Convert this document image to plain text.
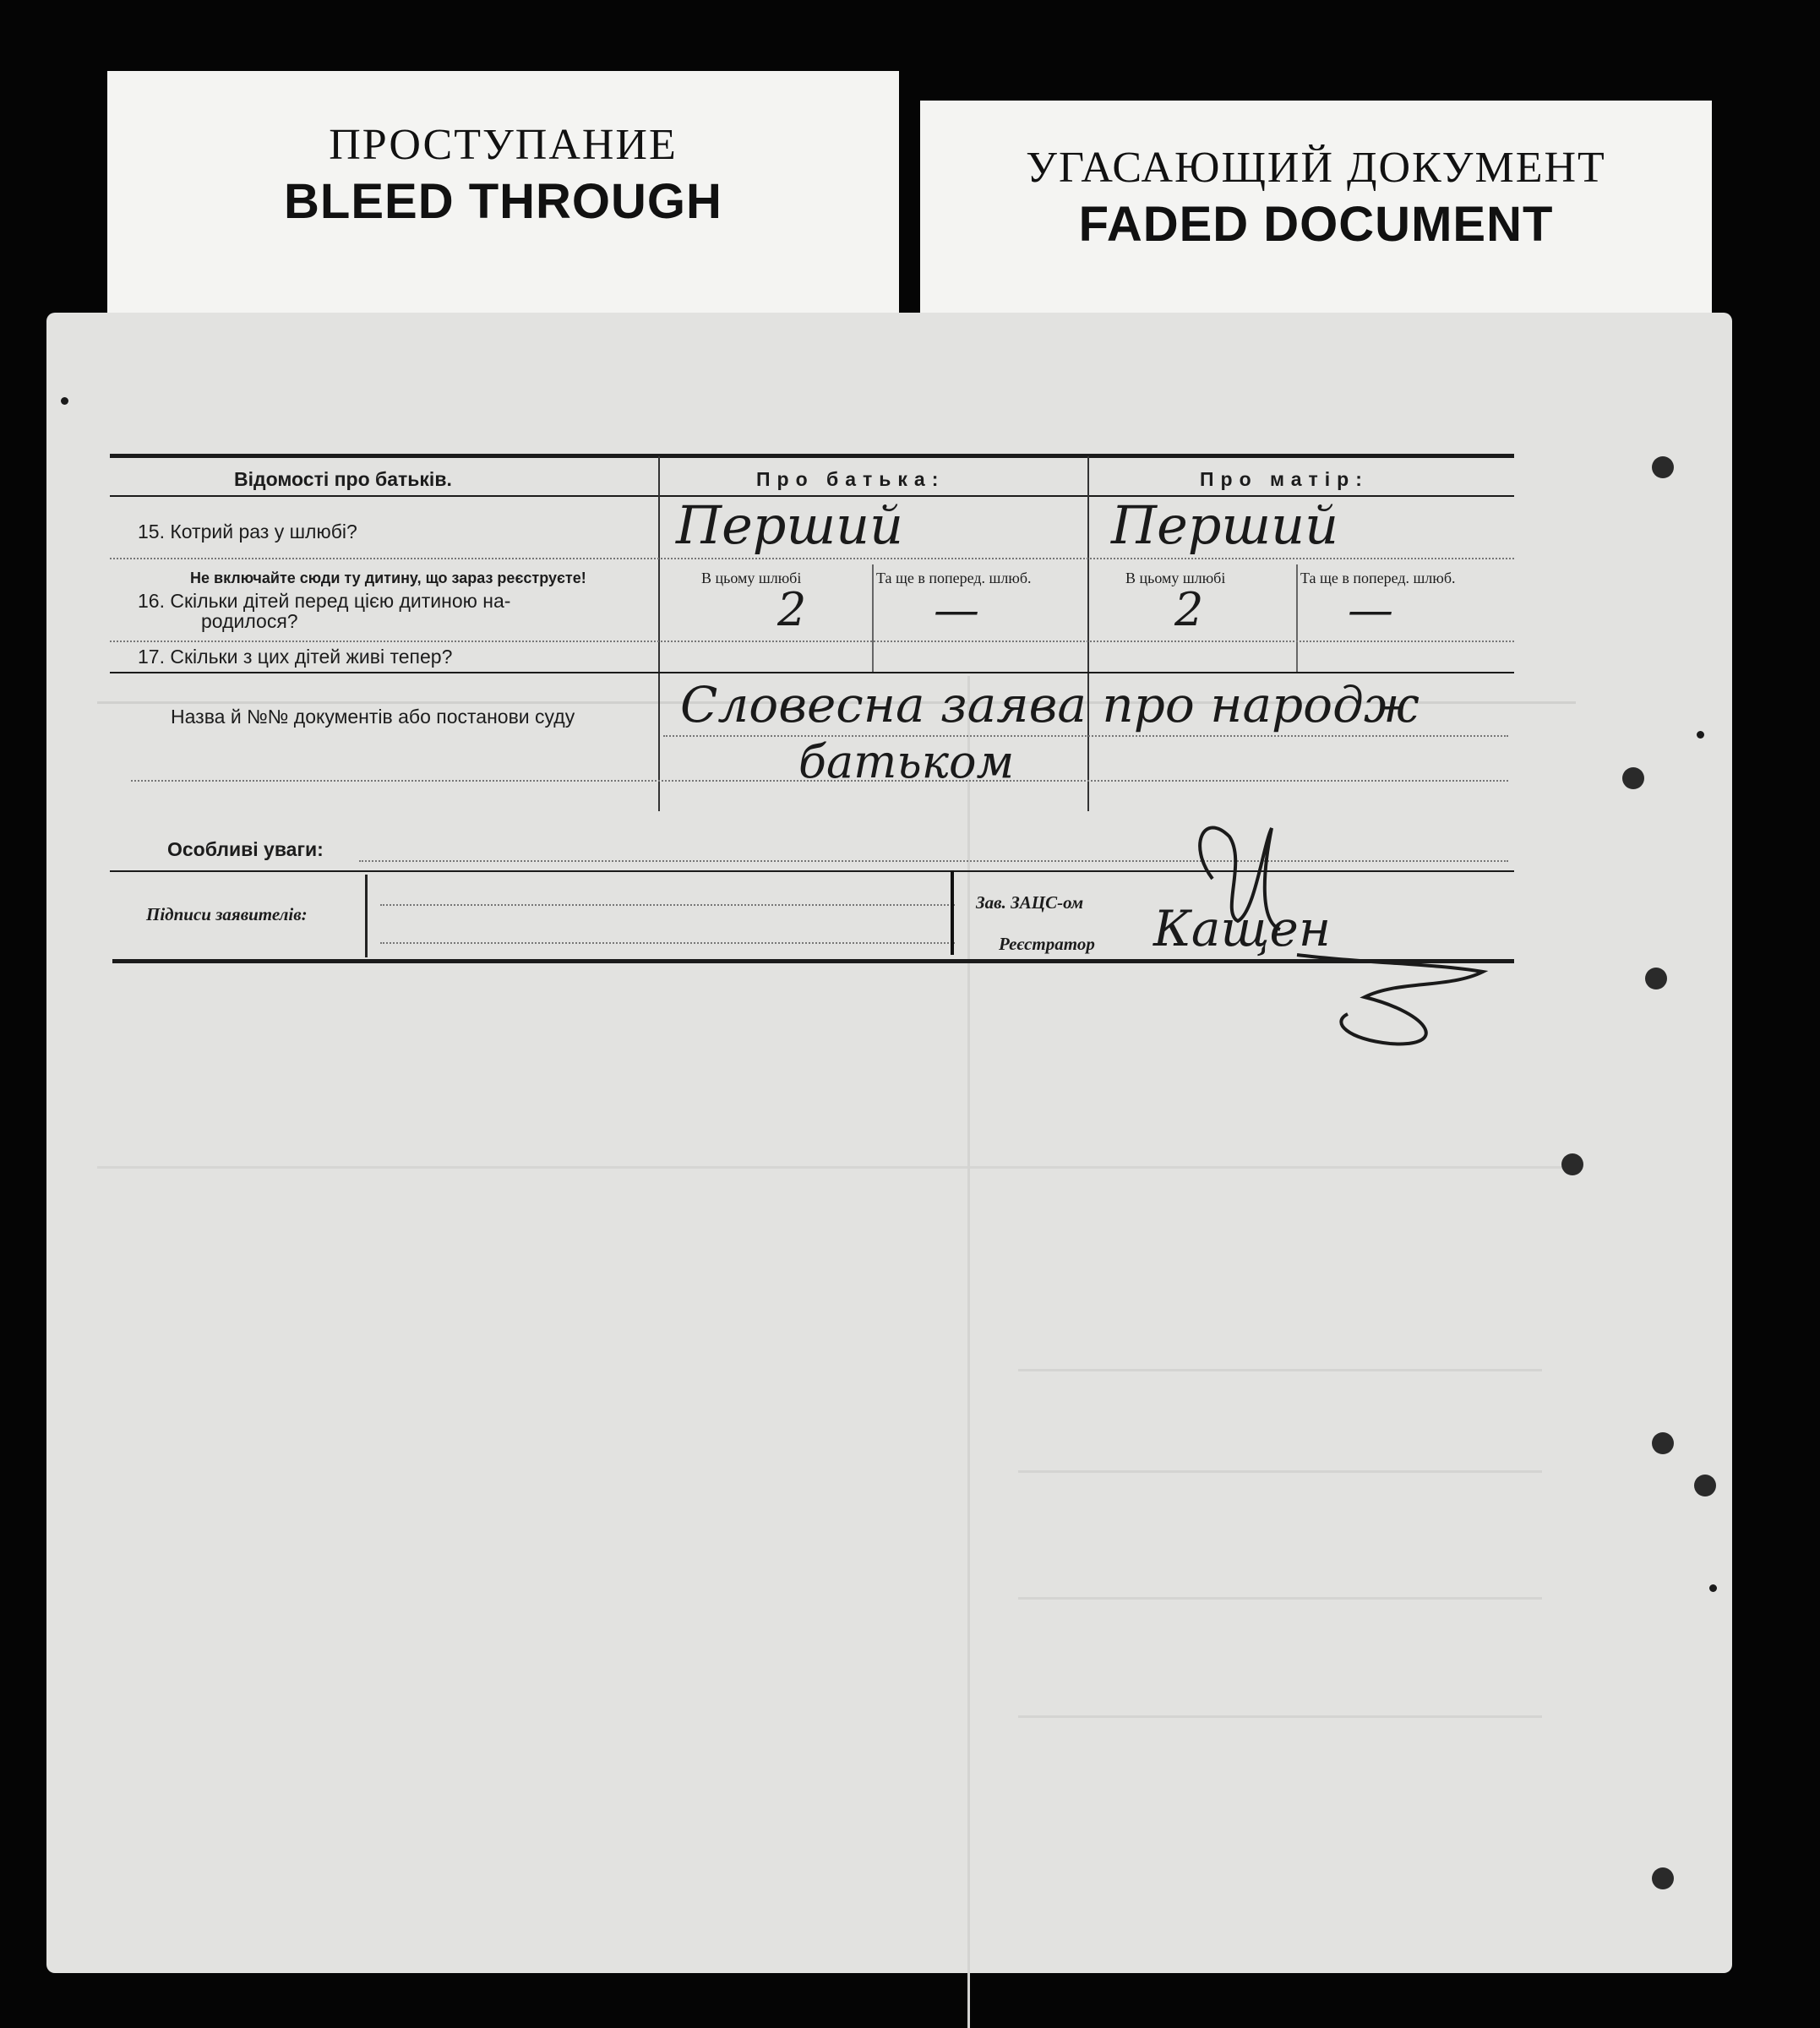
ПРОСТУПАНИЕ
BLEED THROUGH
УГАСАЮЩИЙ ДОКУМЕНТ
FADED DOCUMENT
Відомості про батьків.	Про батька:	Про матір:
15. Котрий раз у шлюбі?	Перший	Перший
Не включайте сюди ту дитину, що зараз реєструєте!	В цьому шлюбі	Та ще в поперед. шлюб.	В цьому шлюбі	Та ще в поперед. шлюб.
16. Скільки дітей перед цією дитиною на-
родилося?	2	—	2	—
17. Скільки з цих дітей живі тепер?
Назва й №№ документів або постанови суду Словесна заява про народж
батьком
Особливі уваги:
Підписи заявителів:
Зав. ЗАЦС-ом
Реєстратор Кащен
